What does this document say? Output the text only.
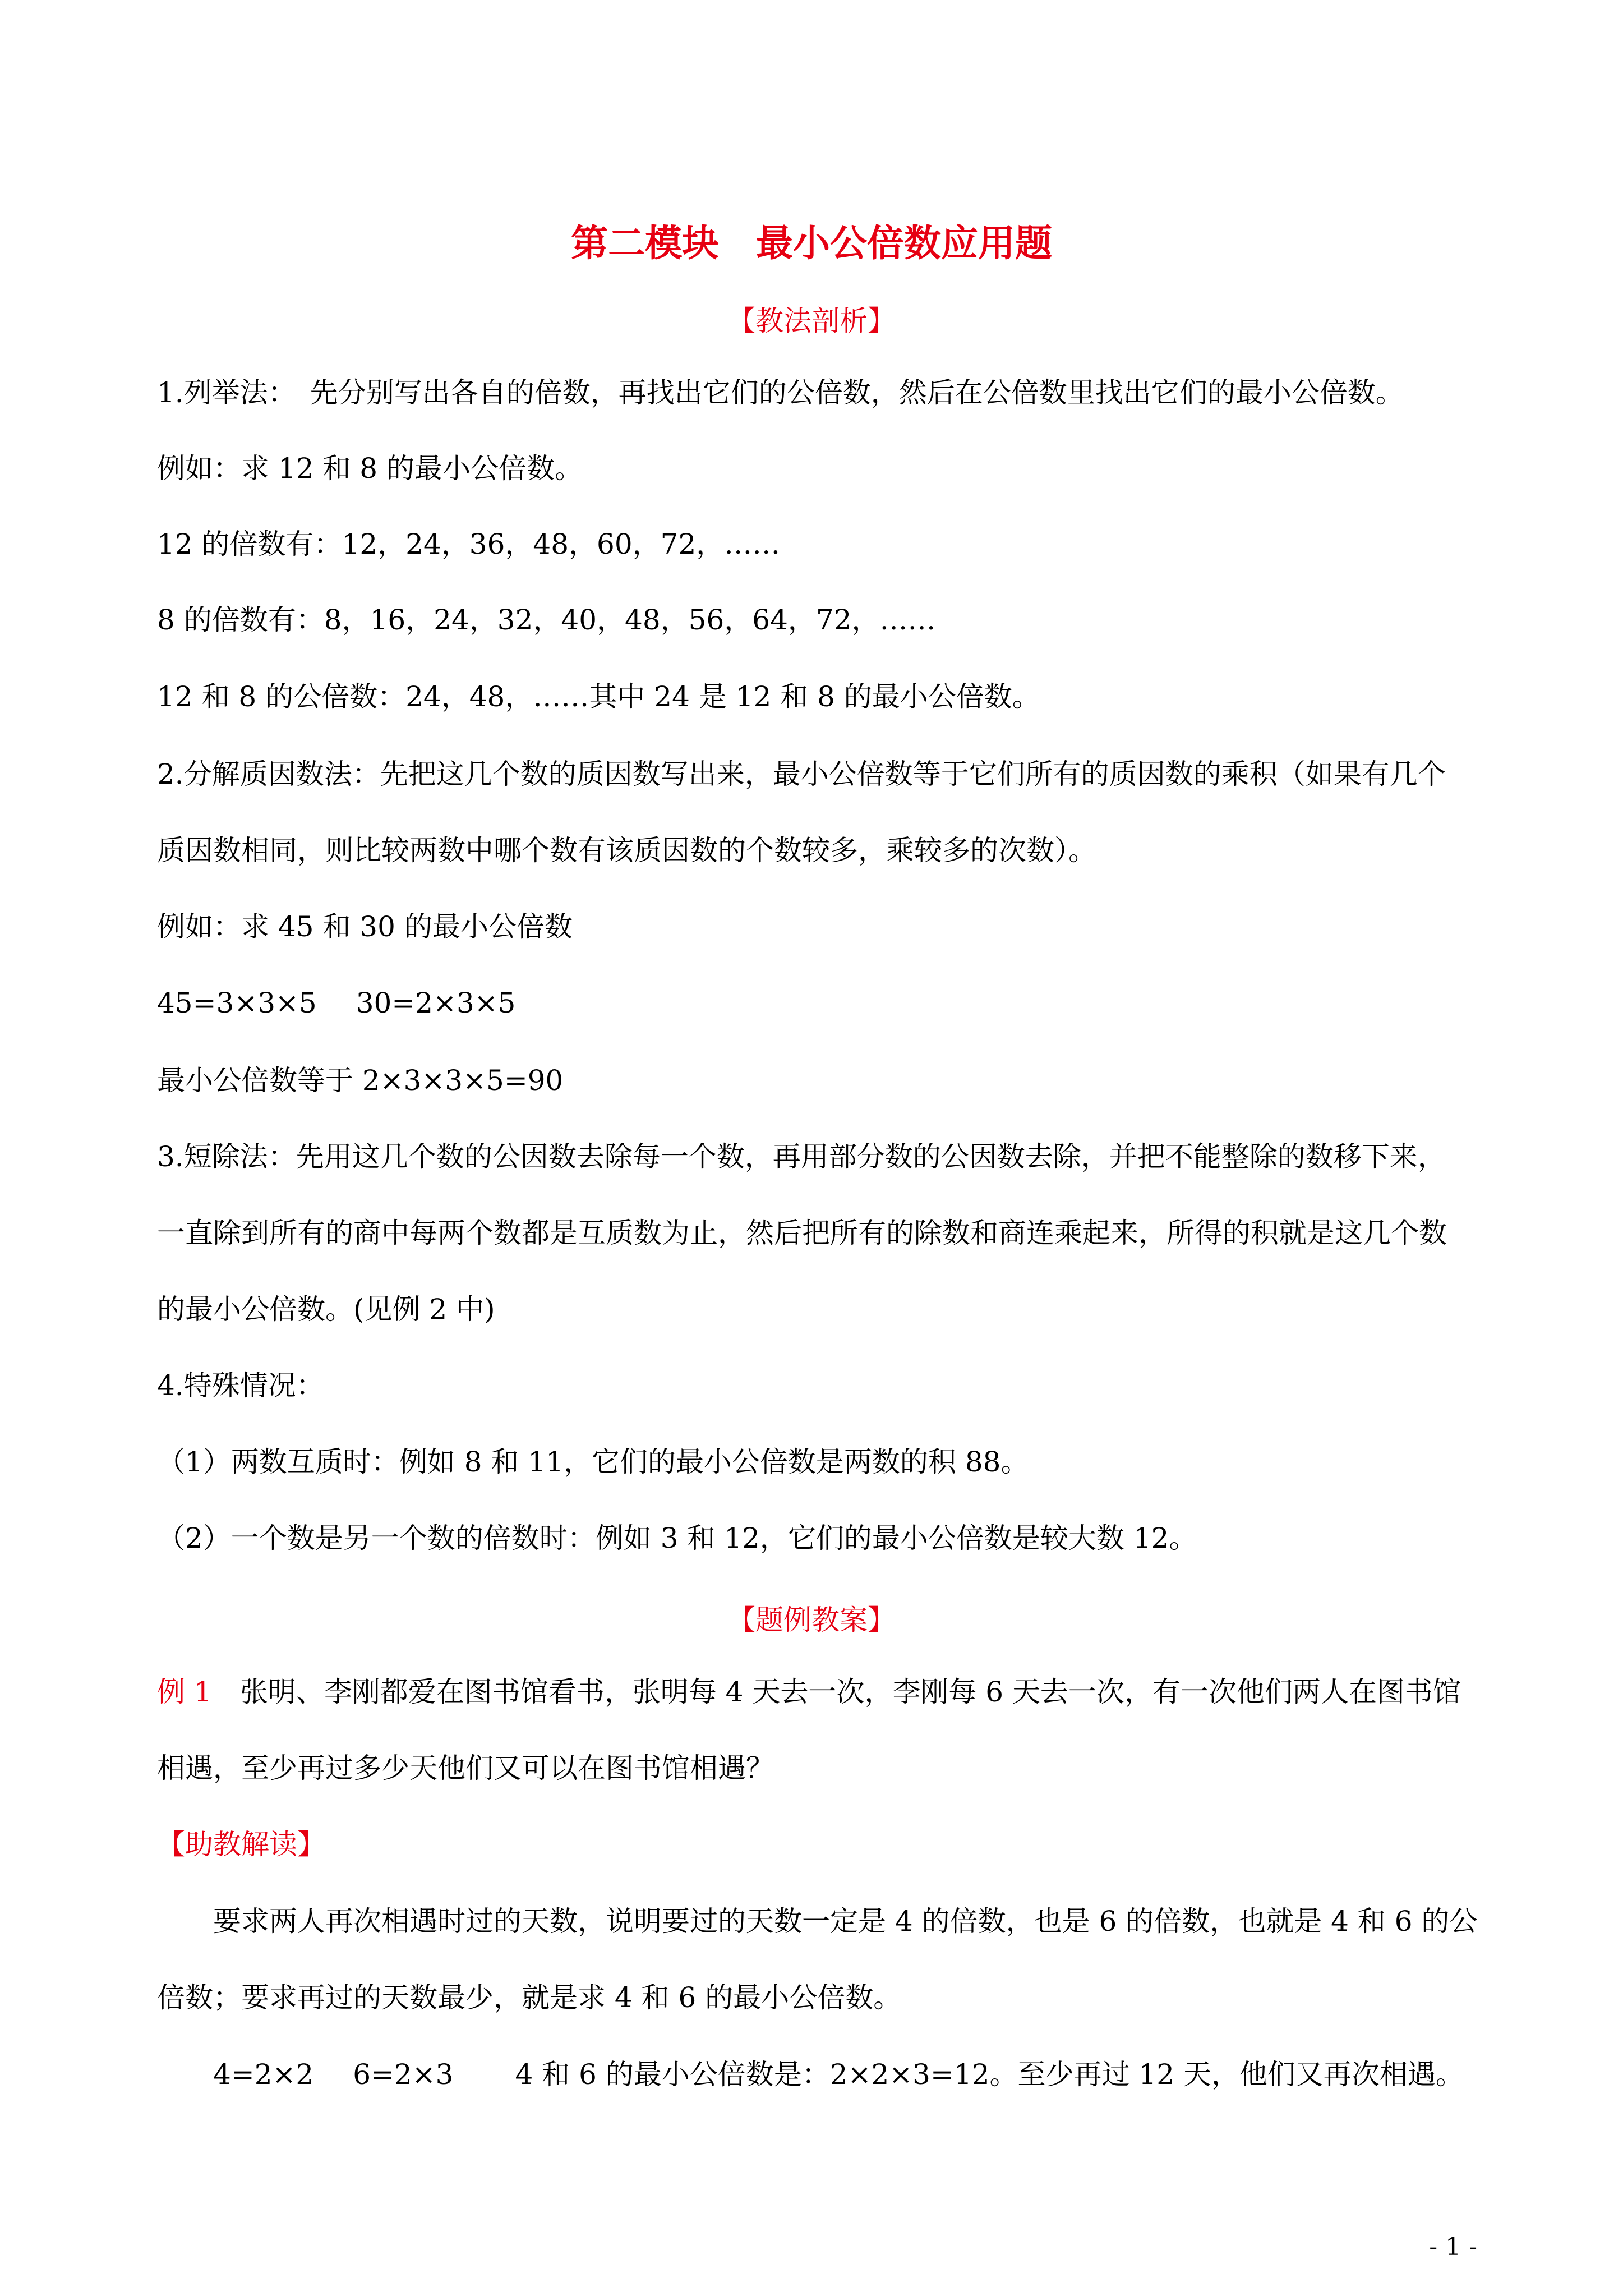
第二模块　最小公倍数应用题
【教法剖析】
1.列举法：　先分别写出各自的倍数，再找出它们的公倍数，然后在公倍数里找出它们的最小公倍数。
例如：求 12 和 8 的最小公倍数。
12 的倍数有：12，24，36，48，60，72，……
8 的倍数有：8，16，24，32，40，48，56，64，72，……
12 和 8 的公倍数：24，48，……其中 24 是 12 和 8 的最小公倍数。
2.分解质因数法：先把这几个数的质因数写出来，最小公倍数等于它们所有的质因数的乘积（如果有几个
质因数相同，则比较两数中哪个数有该质因数的个数较多，乘较多的次数）。
例如：求 45 和 30 的最小公倍数
45=3×3×5 30=2×3×5
最小公倍数等于 2×3×3×5=90
3.短除法：先用这几个数的公因数去除每一个数，再用部分数的公因数去除，并把不能整除的数移下来，
一直除到所有的商中每两个数都是互质数为止，然后把所有的除数和商连乘起来，所得的积就是这几个数
的最小公倍数。(见例 2 中)
4.特殊情况：
（1）两数互质时：例如 8 和 11，它们的最小公倍数是两数的积 88。
（2）一个数是另一个数的倍数时：例如 3 和 12，它们的最小公倍数是较大数 12。
【题例教案】
例 1　张明、李刚都爱在图书馆看书，张明每 4 天去一次，李刚每 6 天去一次，有一次他们两人在图书馆
相遇，至少再过多少天他们又可以在图书馆相遇？
【助教解读】
要求两人再次相遇时过的天数，说明要过的天数一定是 4 的倍数，也是 6 的倍数，也就是 4 和 6 的公
倍数；要求再过的天数最少，就是求 4 和 6 的最小公倍数。
4=2×2 6=2×3 4 和 6 的最小公倍数是：2×2×3=12。至少再过 12 天，他们又再次相遇。
- 1 -
